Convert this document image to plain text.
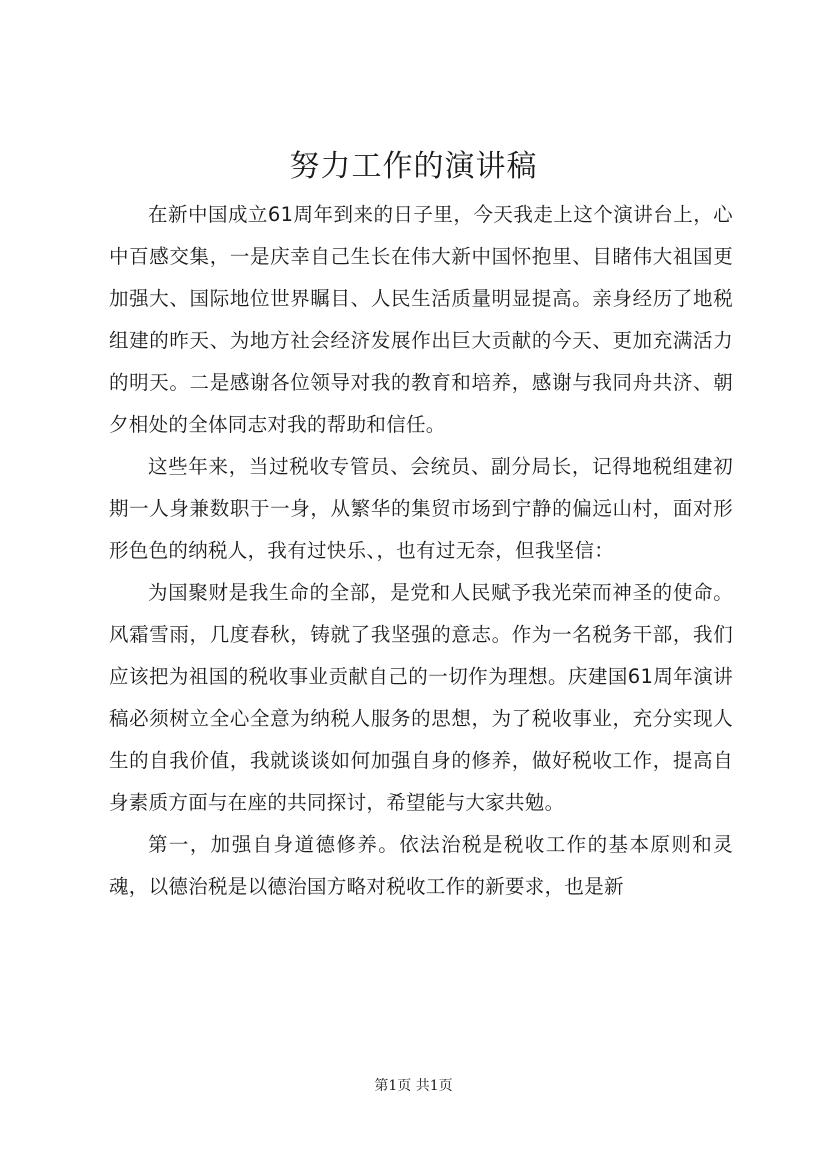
努力工作的演讲稿

在新中国成立61周年到来的日子里，今天我走上这个演讲台上，心中百感交集，一是庆幸自己生长在伟大新中国怀抱里、目睹伟大祖国更加强大、国际地位世界瞩目、人民生活质量明显提高。亲身经历了地税组建的昨天、为地方社会经济发展作出巨大贡献的今天、更加充满活力的明天。二是感谢各位领导对我的教育和培养，感谢与我同舟共济、朝夕相处的全体同志对我的帮助和信任。

这些年来，当过税收专管员、会统员、副分局长，记得地税组建初期一人身兼数职于一身，从繁华的集贸市场到宁静的偏远山村，面对形形色色的纳税人，我有过快乐、，也有过无奈，但我坚信：

为国聚财是我生命的全部，是党和人民赋予我光荣而神圣的使命。风霜雪雨，几度春秋，铸就了我坚强的意志。作为一名税务干部，我们应该把为祖国的税收事业贡献自己的一切作为理想。庆建国61周年演讲稿必须树立全心全意为纳税人服务的思想，为了税收事业，充分实现人生的自我价值，我就谈谈如何加强自身的修养，做好税收工作，提高自身素质方面与在座的共同探讨，希望能与大家共勉。

第一，加强自身道德修养。依法治税是税收工作的基本原则和灵魂，以德治税是以德治国方略对税收工作的新要求，也是新

第1页 共1页
